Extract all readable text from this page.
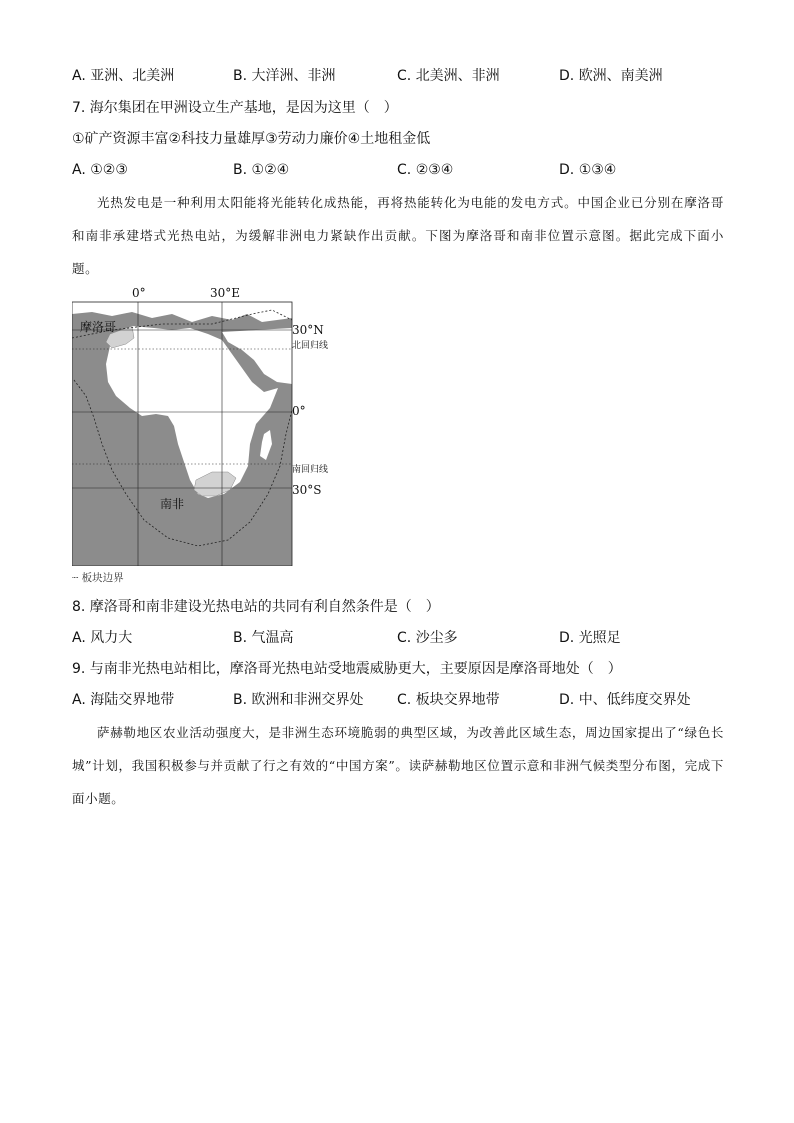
A. 亚洲、北美洲	B. 大洋洲、非洲	C. 北美洲、非洲	D. 欧洲、南美洲
7. 海尔集团在甲洲设立生产基地，是因为这里（　）
①矿产资源丰富②科技力量雄厚③劳动力廉价④土地租金低
A. ①②③	B. ①②④	C. ②③④	D. ①③④
光热发电是一种利用太阳能将光能转化成热能，再将热能转化为电能的发电方式。中国企业已分别在摩洛哥和南非承建塔式光热电站，为缓解非洲电力紧缺作出贡献。下图为摩洛哥和南非位置示意图。据此完成下面小题。
0°	30°E
30°N
北回归线
0°
南回归线
30°S
摩洛哥
南非
┈ 板块边界
8. 摩洛哥和南非建设光热电站的共同有利自然条件是（　）
A. 风力大	B. 气温高	C. 沙尘多	D. 光照足
9. 与南非光热电站相比，摩洛哥光热电站受地震威胁更大，主要原因是摩洛哥地处（　）
A. 海陆交界地带	B. 欧洲和非洲交界处 C. 板块交界地带	D. 中、低纬度交界处
萨赫勒地区农业活动强度大，是非洲生态环境脆弱的典型区域，为改善此区域生态，周边国家提出了“绿色长城”计划，我国积极参与并贡献了行之有效的“中国方案”。读萨赫勒地区位置示意和非洲气候类型分布图，完成下面小题。
